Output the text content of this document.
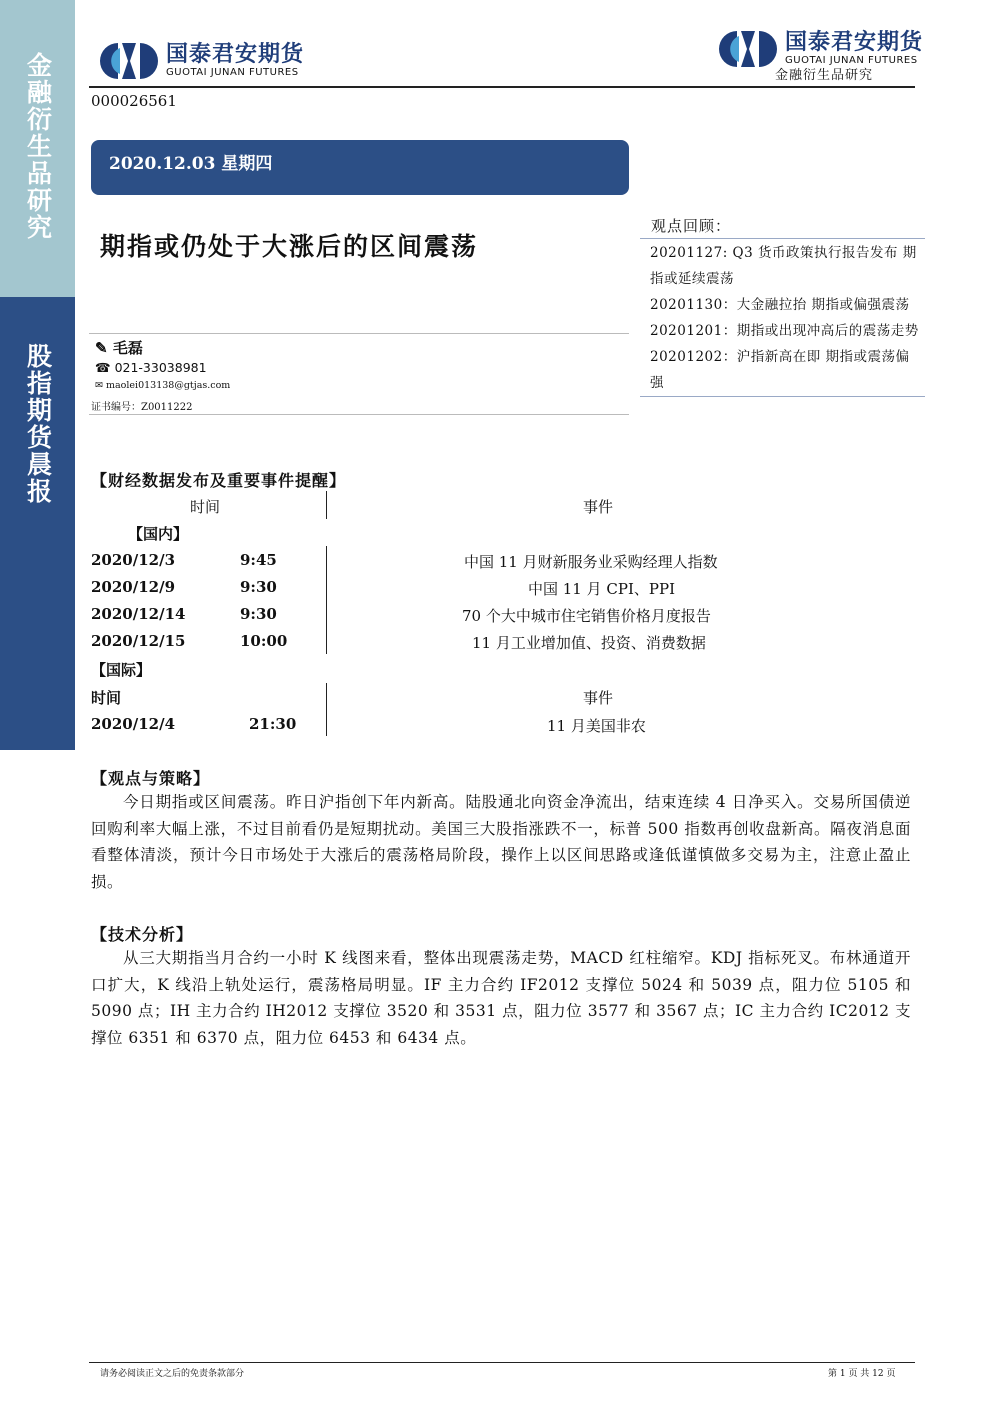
金融衍生品研究
股指期货晨报
国泰君安期货
GUOTAI JUNAN FUTURES
国泰君安期货
GUOTAI JUNAN FUTURES
金融衍生品研究
000026561
2020.12.03 星期四
期指或仍处于大涨后的区间震荡
✎ 毛磊
☎ 021-33038981
✉ maolei013138@gtjas.com
证书编号：Z0011222
观点回顾：
20201127: Q3 货币政策执行报告发布 期指或延续震荡
20201130：大金融拉抬 期指或偏强震荡
20201201：期指或出现冲高后的震荡走势
20201202：沪指新高在即 期指或震荡偏强
【财经数据发布及重要事件提醒】
时间	事件
【国内】
2020/12/3	9:45	中国 11 月财新服务业采购经理人指数
2020/12/9	9:30	中国 11 月 CPI、PPI
2020/12/14	9:30	70 个大中城市住宅销售价格月度报告
2020/12/15	10:00	11 月工业增加值、投资、消费数据
【国际】
时间	事件
2020/12/4	21:30	11 月美国非农
【观点与策略】
今日期指或区间震荡。昨日沪指创下年内新高。陆股通北向资金净流出，结束连续 4 日净买入。交易所国债逆回购利率大幅上涨，不过目前看仍是短期扰动。美国三大股指涨跌不一，标普 500 指数再创收盘新高。隔夜消息面看整体清淡，预计今日市场处于大涨后的震荡格局阶段，操作上以区间思路或逢低谨慎做多交易为主，注意止盈止损。
【技术分析】
从三大期指当月合约一小时 K 线图来看，整体出现震荡走势，MACD 红柱缩窄。KDJ 指标死叉。布林通道开口扩大，K 线沿上轨处运行，震荡格局明显。IF 主力合约 IF2012 支撑位 5024 和 5039 点，阻力位 5105 和 5090 点；IH 主力合约 IH2012 支撑位 3520 和 3531 点，阻力位 3577 和 3567 点；IC 主力合约 IC2012 支撑位 6351 和 6370 点，阻力位 6453 和 6434 点。
请务必阅读正文之后的免责条款部分	第 1 页 共 12 页
